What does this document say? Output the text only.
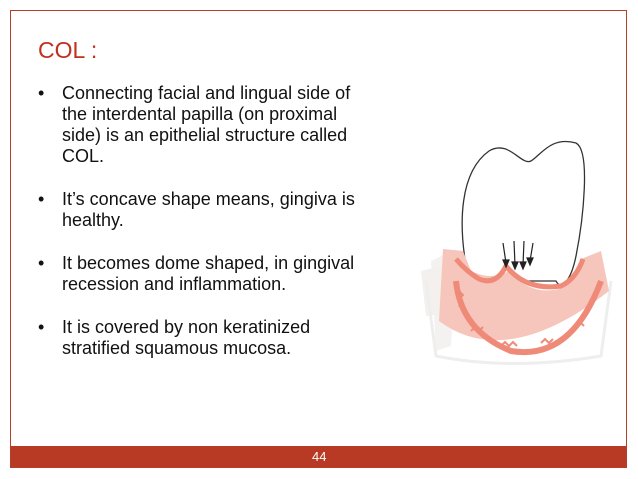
COL :
• Connecting facial and lingual side of the interdental papilla (on proximal side) is an epithelial structure called COL.
• It’s concave shape means, gingiva is healthy.
• It becomes dome shaped, in gingival recession and inflammation.
• It is covered by non keratinized stratified squamous mucosa.
44
